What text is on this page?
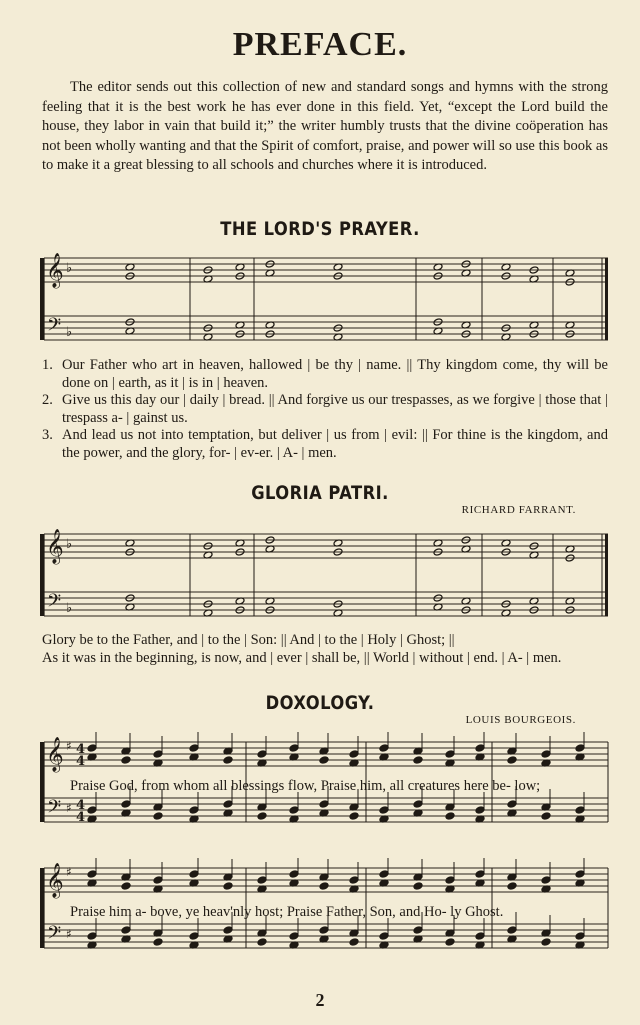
PREFACE.

The editor sends out this collection of new and standard songs and hymns with the strong feeling that it is the best work he has ever done in this field. Yet, “except the Lord build the house, they labor in vain that build it;” the writer humbly trusts that the divine coöperation has not been wholly wanting and that the Spirit of comfort, praise, and power will so use this book as to make it a great blessing to all schools and churches where it is introduced.

THE LORD'S PRAYER.
𝄞
𝄢
♭
♭
1. Our Father who art in heaven, hallowed | be thy | name. || Thy kingdom come, thy will be done on | earth, as it | is in | heaven.
2. Give us this day our | daily | bread. || And forgive us our trespasses, as we forgive | those that | trespass a- | gainst us.
3. And lead us not into temptation, but deliver | us from | evil: || For thine is the kingdom, and the power, and the glory, for- | ev-er. | A- | men.
GLORIA PATRI.
RICHARD FARRANT.
𝄞
𝄢
♭
♭
Glory be to the Father, and | to the | Son: || And | to the | Holy | Ghost; ||
As it was in the beginning, is now, and | ever | shall be, || World | without | end. | A- | men.
DOXOLOGY.
LOUIS BOURGEOIS.
𝄞
𝄢
♯
♯
4
4
4
4
Praise God, from whom all blessings flow, Praise him, all creatures here be- low;
𝄞
𝄢
♯
♯
Praise him a- bove, ye heav'nly host; Praise Father, Son, and Ho- ly Ghost.
2
